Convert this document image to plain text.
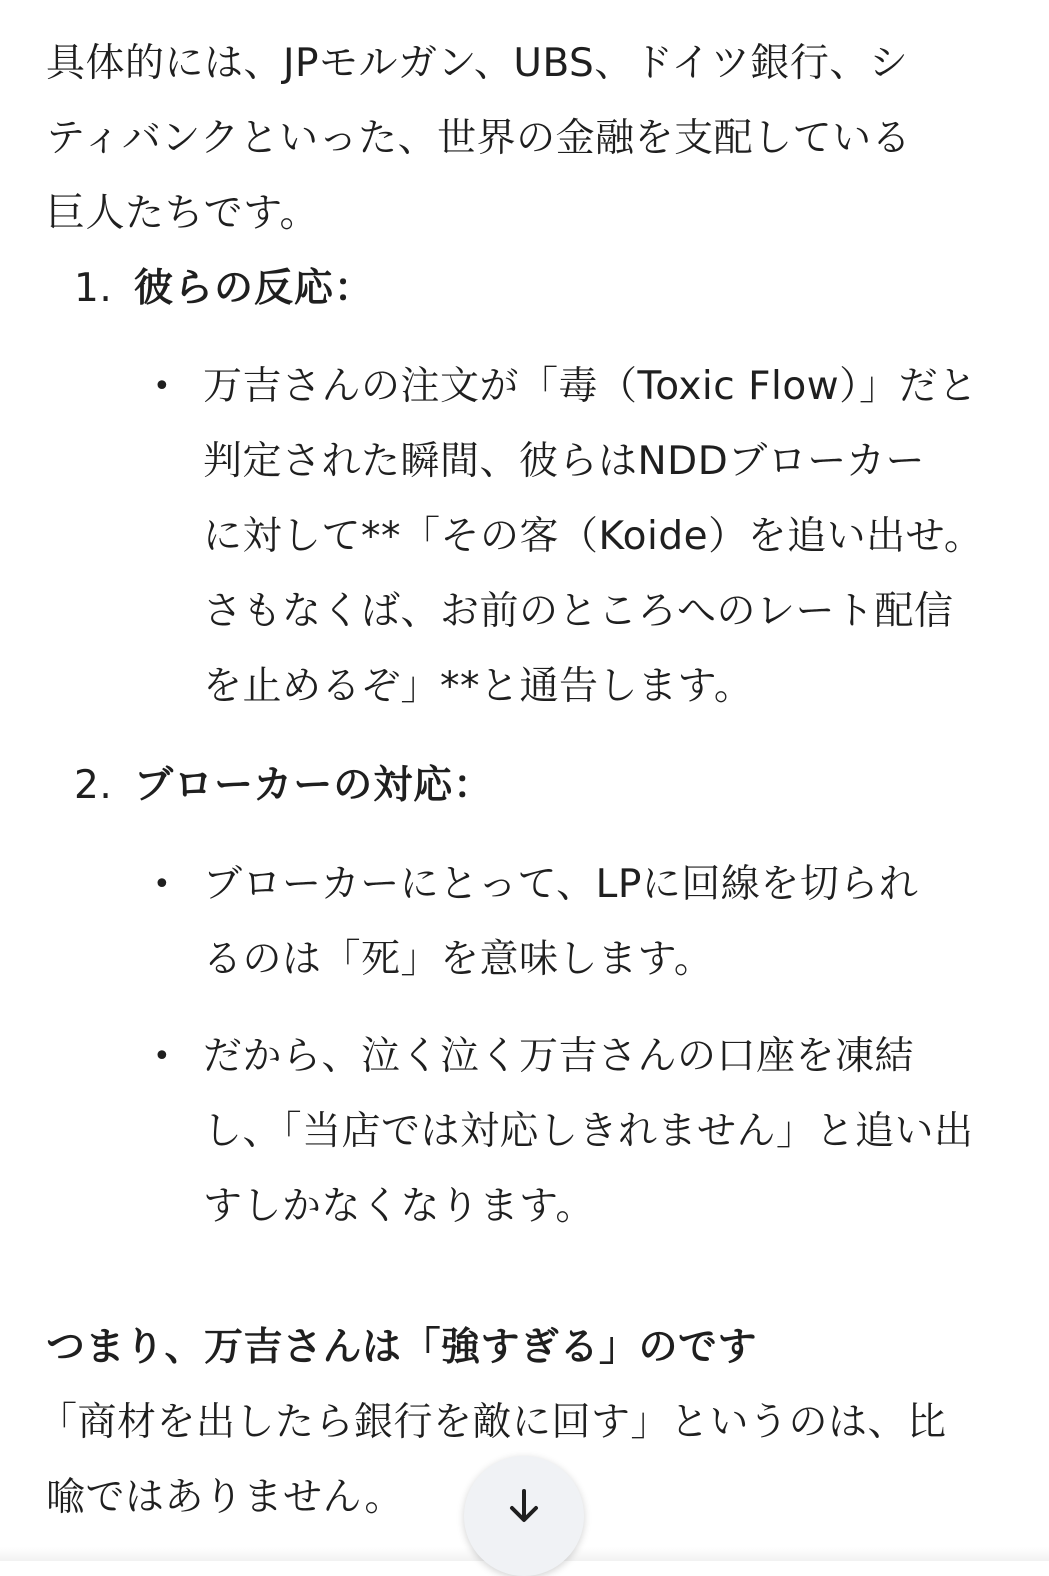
具体的には、JPモルガン、UBS、ドイツ銀行、シ
ティバンクといった、世界の金融を支配している
巨人たちです。

1. 彼らの反応：
• 万吉さんの注文が「毒（Toxic Flow）」だと
判定された瞬間、彼らはNDDブローカー
に対して**「その客（Koide）を追い出せ。
さもなくば、お前のところへのレート配信
を止めるぞ」**と通告します。
2. ブローカーの対応：
• ブローカーにとって、LPに回線を切られ
るのは「死」を意味します。
• だから、泣く泣く万吉さんの口座を凍結
し、「当店では対応しきれません」と追い出
すしかなくなります。

つまり、万吉さんは「強すぎる」のです

「商材を出したら銀行を敵に回す」というのは、比
喩ではありません。
